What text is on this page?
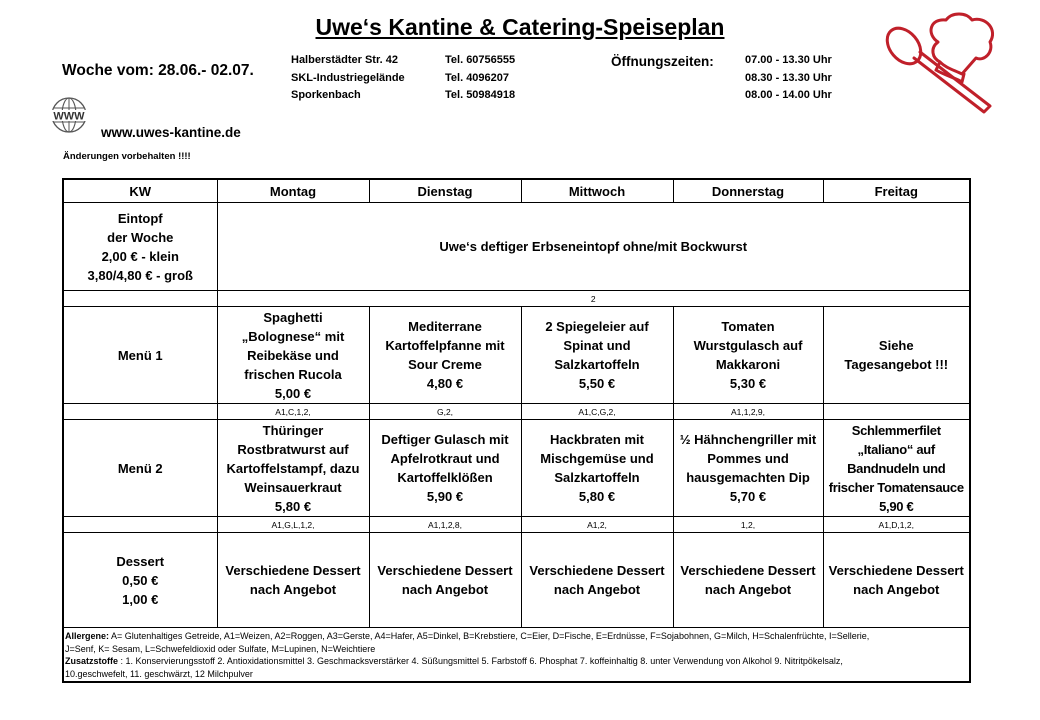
Uwe‘s Kantine & Catering-Speiseplan
Woche vom: 28.06.- 02.07.
Halberstädter Str. 42
SKL-Industriegelände
Sporkenbach
Tel. 60756555
Tel. 4096207
Tel. 50984918
Öffnungszeiten:	07.00 - 13.30 Uhr
08.30 - 13.30 Uhr
08.00 - 14.00 Uhr
WWW
www.uwes-kantine.de
Änderungen vorbehalten !!!!
KW	Montag	Dienstag	Mittwoch	Donnerstag	Freitag
Eintopf
der Woche
2,00 € - klein
3,80/4,80 € - groß	Uwe‘s deftiger Erbseneintopf ohne/mit Bockwurst				
	2				
Menü 1	Spaghetti
„Bolognese“ mit
Reibekäse und
frischen Rucola
5,00 €	Mediterrane
Kartoffelpfanne mit
Sour Creme
4,80 €	2 Spiegeleier auf
Spinat und
Salzkartoffeln
5,50 €	Tomaten
Wurstgulasch auf
Makkaroni
5,30 €	Siehe
Tagesangebot !!!
	A1,C,1,2,	G,2,	A1,C,G,2,	A1,1,2,9,	
Menü 2	Thüringer
Rostbratwurst auf
Kartoffelstampf, dazu
Weinsauerkraut
5,80 €	Deftiger Gulasch mit
Apfelrotkraut und
Kartoffelklößen
5,90 €	Hackbraten mit
Mischgemüse und
Salzkartoffeln
5,80 €	½ Hähnchengriller mit
Pommes und
hausgemachten Dip
5,70 €	Schlemmerfilet
„Italiano“ auf
Bandnudeln und
frischer Tomatensauce
5,90 €
	A1,G,L,1,2,	A1,1,2,8,	A1,2,	1,2,	A1,D,1,2,
Dessert
0,50 €
1,00 €	Verschiedene Dessert
nach Angebot	Verschiedene Dessert
nach Angebot	Verschiedene Dessert
nach Angebot	Verschiedene Dessert
nach Angebot	Verschiedene Dessert
nach Angebot
Allergene: A= Glutenhaltiges Getreide, A1=Weizen, A2=Roggen, A3=Gerste, A4=Hafer, A5=Dinkel, B=Krebstiere, C=Eier, D=Fische, E=Erdnüsse, F=Sojabohnen, G=Milch, H=Schalenfrüchte, I=Sellerie,
J=Senf, K= Sesam, L=Schwefeldioxid oder Sulfate, M=Lupinen, N=Weichtiere
Zusatzstoffe : 1. Konservierungsstoff 2. Antioxidationsmittel 3. Geschmacksverstärker 4. Süßungsmittel 5. Farbstoff 6. Phosphat 7. koffeinhaltig 8. unter Verwendung von Alkohol 9. Nitritpökelsalz,
10.geschwefelt, 11. geschwärzt, 12 Milchpulver					
